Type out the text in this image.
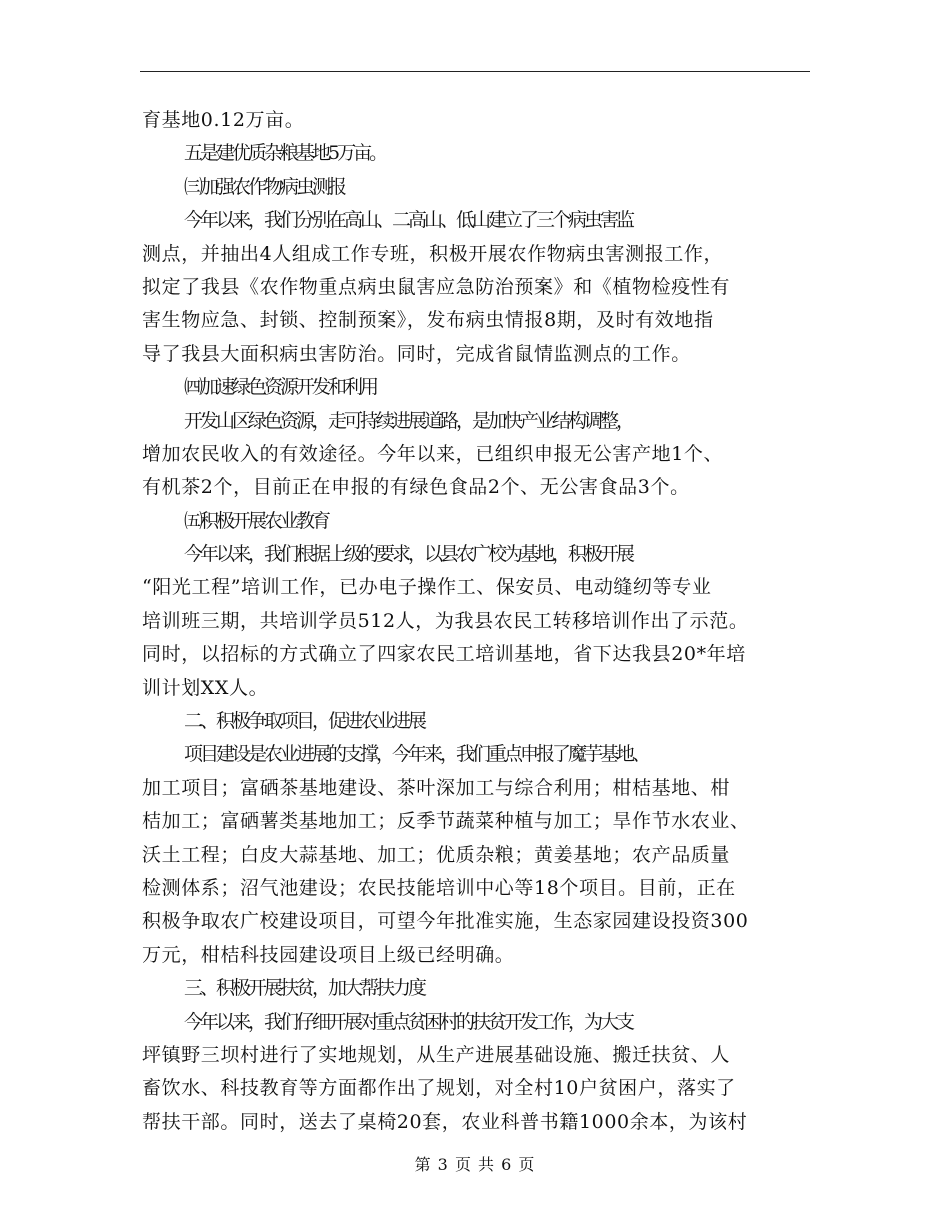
育基地0.12万亩。
五是建优质杂粮基地5万亩。
㈢加强农作物病虫测报
今年以来，我们分别在高山、二高山、低山建立了三个病虫害监
测点，并抽出4人组成工作专班，积极开展农作物病虫害测报工作，
拟定了我县《农作物重点病虫鼠害应急防治预案》和《植物检疫性有
害生物应急、封锁、控制预案》，发布病虫情报8期，及时有效地指
导了我县大面积病虫害防治。同时，完成省鼠情监测点的工作。
㈣加速绿色资源开发和利用
开发山区绿色资源，走可持续进展道路，是加快产业结构调整，
增加农民收入的有效途径。今年以来，已组织申报无公害产地1个、
有机茶2个，目前正在申报的有绿色食品2个、无公害食品3个。
㈤积极开展农业教育
今年以来，我们根据上级的要求，以县农广校为基地，积极开展
“阳光工程”培训工作，已办电子操作工、保安员、电动缝纫等专业
培训班三期，共培训学员512人，为我县农民工转移培训作出了示范。
同时，以招标的方式确立了四家农民工培训基地，省下达我县20*年培
训计划XX人。
二、积极争取项目，促进农业进展
项目建设是农业进展的支撑，今年来，我们重点申报了魔芋基地、
加工项目；富硒茶基地建设、茶叶深加工与综合利用；柑桔基地、柑
桔加工；富硒薯类基地加工；反季节蔬菜种植与加工；旱作节水农业、
沃土工程；白皮大蒜基地、加工；优质杂粮；黄姜基地；农产品质量
检测体系；沼气池建设；农民技能培训中心等18个项目。目前，正在
积极争取农广校建设项目，可望今年批准实施，生态家园建设投资300
万元，柑桔科技园建设项目上级已经明确。
三、积极开展扶贫，加大帮扶力度
今年以来，我们仔细开展对重点贫困村的扶贫开发工作，为大支
坪镇野三坝村进行了实地规划，从生产进展基础设施、搬迁扶贫、人
畜饮水、科技教育等方面都作出了规划，对全村10户贫困户，落实了
帮扶干部。同时，送去了桌椅20套，农业科普书籍1000余本，为该村
第 3 页 共 6 页
